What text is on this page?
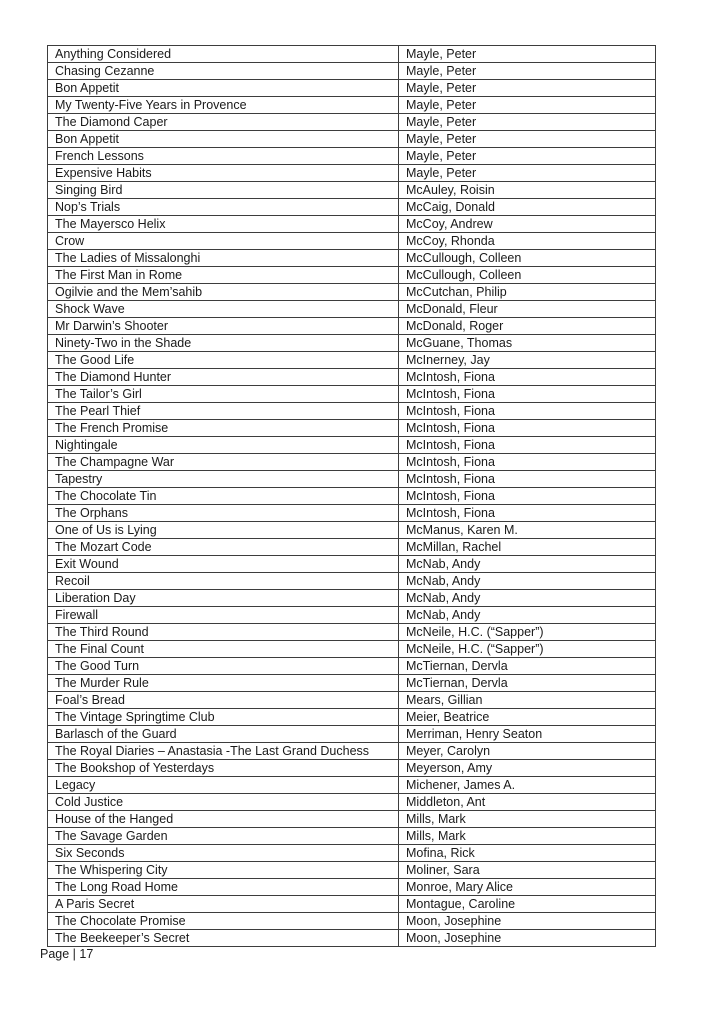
Anything Considered	Mayle, Peter
Chasing Cezanne	Mayle, Peter
Bon Appetit	Mayle, Peter
My Twenty-Five Years in Provence	Mayle, Peter
The Diamond Caper	Mayle, Peter
Bon Appetit	Mayle, Peter
French Lessons	Mayle, Peter
Expensive Habits	Mayle, Peter
Singing Bird	McAuley, Roisin
Nop’s Trials	McCaig, Donald
The Mayersco Helix	McCoy, Andrew
Crow	McCoy, Rhonda
The Ladies of Missalonghi	McCullough, Colleen
The First Man in Rome	McCullough, Colleen
Ogilvie and the Mem’sahib	McCutchan, Philip
Shock Wave	McDonald, Fleur
Mr Darwin’s Shooter	McDonald, Roger
Ninety-Two in the Shade	McGuane, Thomas
The Good Life	McInerney, Jay
The Diamond Hunter	McIntosh, Fiona
The Tailor’s Girl	McIntosh, Fiona
The Pearl Thief	McIntosh, Fiona
The French Promise	McIntosh, Fiona
Nightingale	McIntosh, Fiona
The Champagne War	McIntosh, Fiona
Tapestry	McIntosh, Fiona
The Chocolate Tin	McIntosh, Fiona
The Orphans	McIntosh, Fiona
One of Us is Lying	McManus, Karen M.
The Mozart Code	McMillan, Rachel
Exit Wound	McNab, Andy
Recoil	McNab, Andy
Liberation Day	McNab, Andy
Firewall	McNab, Andy
The Third Round	McNeile, H.C. (“Sapper”)
The Final Count	McNeile, H.C. (“Sapper”)
The Good Turn	McTiernan, Dervla
The Murder Rule	McTiernan, Dervla
Foal’s Bread	Mears, Gillian
The Vintage Springtime Club	Meier, Beatrice
Barlasch of the Guard	Merriman, Henry Seaton
The Royal Diaries – Anastasia -The Last Grand Duchess	Meyer, Carolyn
The Bookshop of Yesterdays	Meyerson, Amy
Legacy	Michener, James A.
Cold Justice	Middleton, Ant
House of the Hanged	Mills, Mark
The Savage Garden	Mills, Mark
Six Seconds	Mofina, Rick
The Whispering City	Moliner, Sara
The Long Road Home	Monroe, Mary Alice
A Paris Secret	Montague, Caroline
The Chocolate Promise	Moon, Josephine
The Beekeeper’s Secret	Moon, Josephine
Page | 17
